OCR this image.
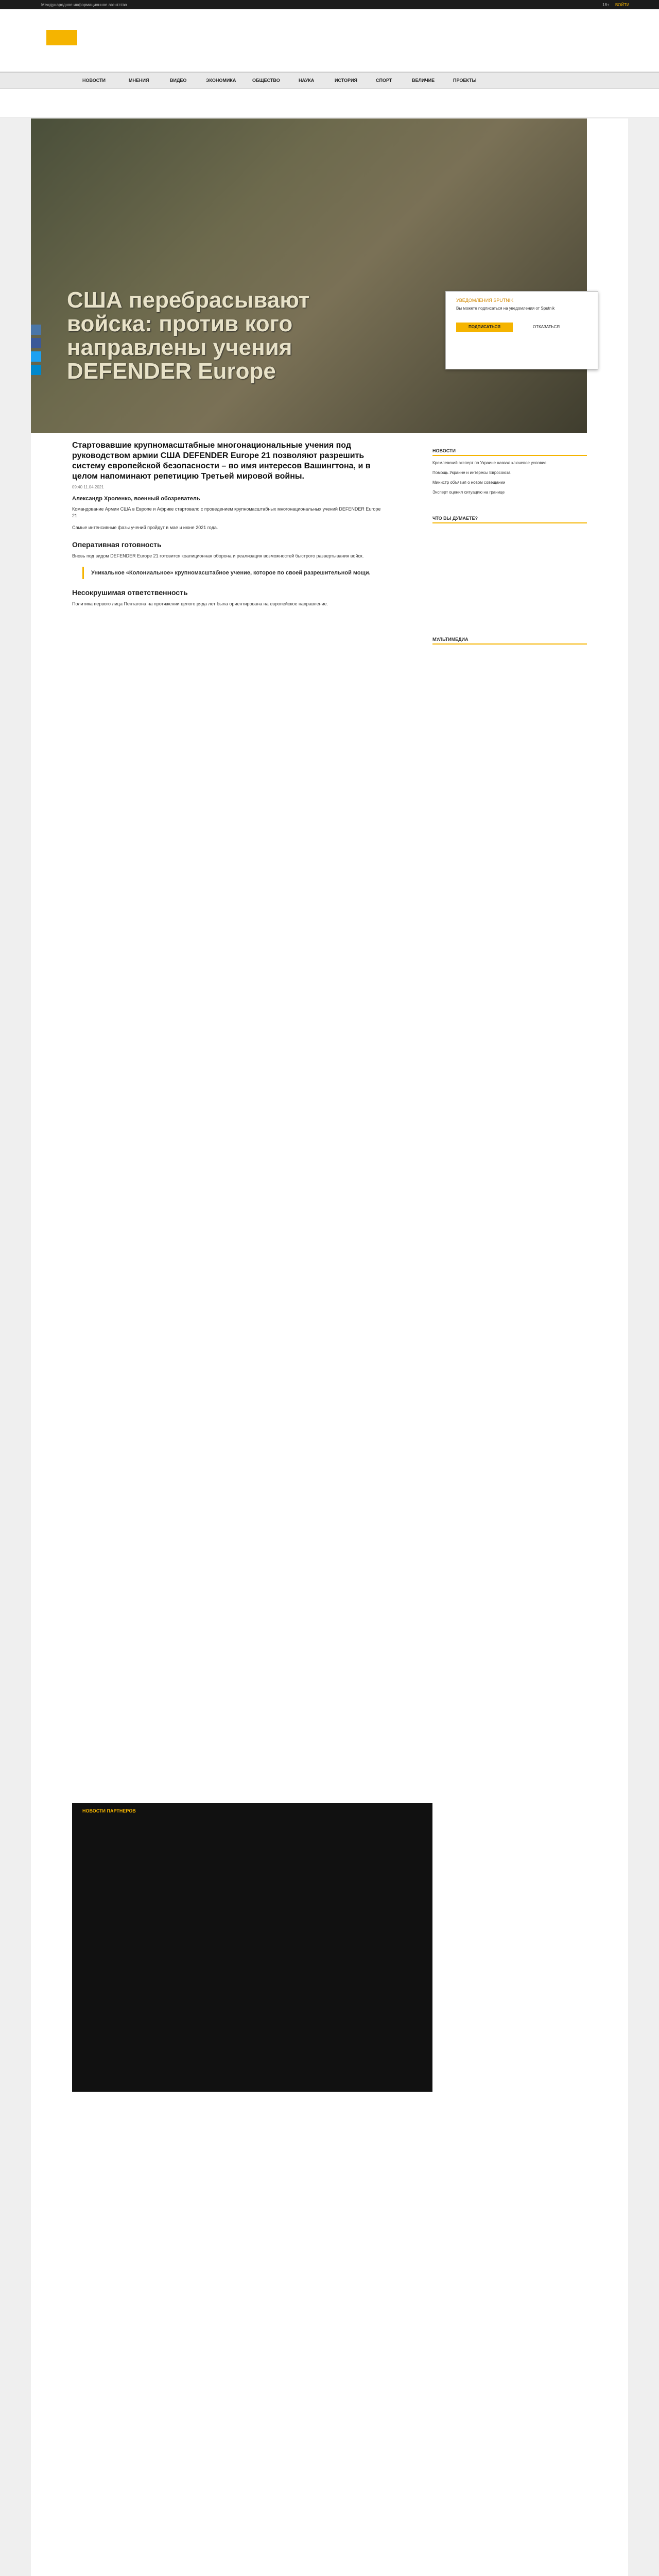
Международное информационное агентство	18+ ВОЙТИ
НОВОСТИ	МНЕНИЯ	ВИДЕО	ЭКОНОМИКА	ОБЩЕСТВО	НАУКА	ИСТОРИЯ	СПОРТ	ВЕЛИЧИЕ	ПРОЕКТЫ
США перебрасывают войска: против кого направлены учения DEFENDER Europe
УВЕДОМЛЕНИЯ SPUTNIK
Вы можете подписаться на уведомления от Sputnik
ПОДПИСАТЬСЯ	ОТКАЗАТЬСЯ

Стартовавшие крупномасштабные многонациональные учения под руководством армии США DEFENDER Europe 21 позволяют разрешить систему европейской безопасности – во имя интересов Вашингтона, и в целом напоминают репетицию Третьей мировой войны.

09:40 11.04.2021
Александр Хроленко, военный обозреватель

Командование Армии США в Европе и Африке стартовало с проведением крупномасштабных многонациональных учений DEFENDER Europe 21.

Самые интенсивные фазы учений пройдут в мае и июне 2021 года.

Оперативная готовность

Вновь под видом DEFENDER Europe 21 готовится коалиционная оборона и реализация возможностей быстрого развертывания войск.

Уникальное «Колониальное» крупномасштабное учение, которое по своей разрешительной мощи.
Несокрушимая ответственность

Политика первого лица Пентагона на протяжении целого ряда лет была ориентирована на европейское направление.

НОВОСТИ
Кремлевский эксперт по Украине назвал ключевое условие
Помощь Украине и интересы Евросоюза
Министр объявил о новом совещании
Эксперт оценил ситуацию на границе
ЧТО ВЫ ДУМАЕТЕ?
МУЛЬТИМЕДИА
НОВОСТИ ПАРТНЕРОВ
